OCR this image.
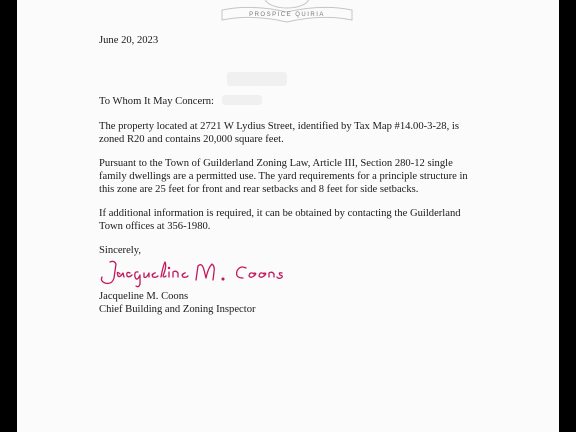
PROSPICE QUIRIA
June 20, 2023
To Whom It May Concern:
The property located at 2721 W Lydius Street, identified by Tax Map #14.00-3-28, is
zoned R20 and contains 20,000 square feet.
Pursuant to the Town of Guilderland Zoning Law, Article III, Section 280-12 single
family dwellings are a permitted use. The yard requirements for a principle structure in
this zone are 25 feet for front and rear setbacks and 8 feet for side setbacks.
If additional information is required, it can be obtained by contacting the Guilderland
Town offices at 356-1980.
Sincerely,
Jacqueline M. Coons
Chief Building and Zoning Inspector
